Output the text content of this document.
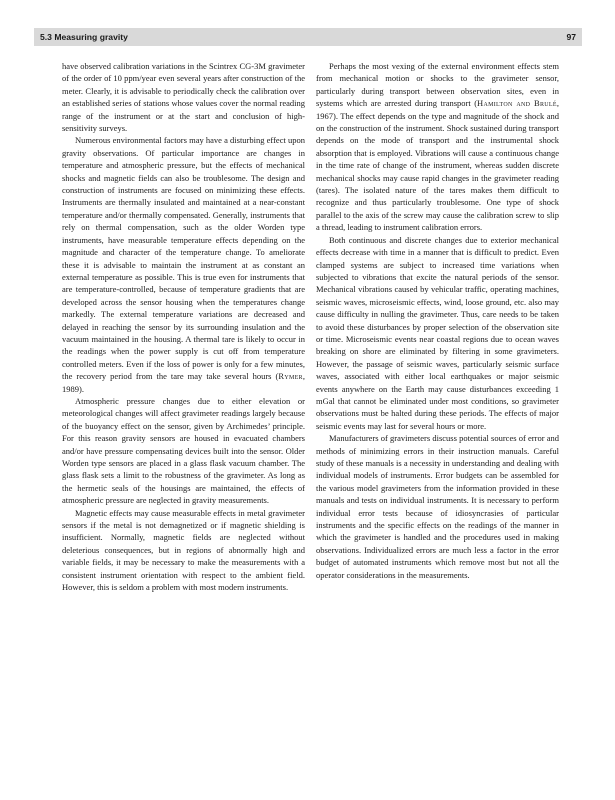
5.3 Measuring gravity	97

have observed calibration variations in the Scintrex CG-3M gravimeter of the order of 10 ppm/year even several years after construction of the meter. Clearly, it is advisable to periodically check the calibration over an established series of stations whose values cover the normal reading range of the instrument or at the start and conclusion of high-sensitivity surveys.

Numerous environmental factors may have a disturbing effect upon gravity observations. Of particular importance are changes in temperature and atmospheric pressure, but the effects of mechanical shocks and magnetic fields can also be troublesome. The design and construction of instruments are focused on minimizing these effects. Instruments are thermally insulated and maintained at a near-constant temperature and/or thermally compensated. Generally, instruments that rely on thermal compensation, such as the older Worden type instruments, have measurable temperature effects depending on the magnitude and character of the temperature change. To ameliorate these it is advisable to maintain the instrument at as constant an external temperature as possible. This is true even for instruments that are temperature-controlled, because of temperature gradients that are developed across the sensor housing when the temperatures change markedly. The external temperature variations are decreased and delayed in reaching the sensor by its surrounding insulation and the vacuum maintained in the housing. A thermal tare is likely to occur in the readings when the power supply is cut off from temperature controlled meters. Even if the loss of power is only for a few minutes, the recovery period from the tare may take several hours (Rymer, 1989).

Atmospheric pressure changes due to either elevation or meteorological changes will affect gravimeter readings largely because of the buoyancy effect on the sensor, given by Archimedes’ principle. For this reason gravity sensors are housed in evacuated chambers and/or have pressure compensating devices built into the sensor. Older Worden type sensors are placed in a glass flask vacuum chamber. The glass flask sets a limit to the robustness of the gravimeter. As long as the hermetic seals of the housings are maintained, the effects of atmospheric pressure are neglected in gravity measurements.

Magnetic effects may cause measurable effects in metal gravimeter sensors if the metal is not demagnetized or if magnetic shielding is insufficient. Normally, magnetic fields are neglected without deleterious consequences, but in regions of abnormally high and variable fields, it may be necessary to make the measurements with a consistent instrument orientation with respect to the ambient field. However, this is seldom a problem with most modern instruments.

Perhaps the most vexing of the external environment effects stem from mechanical motion or shocks to the gravimeter sensor, particularly during transport between observation sites, even in systems which are arrested during transport (Hamilton and Brulé, 1967). The effect depends on the type and magnitude of the shock and on the construction of the instrument. Shock sustained during transport depends on the mode of transport and the instrumental shock absorption that is employed. Vibrations will cause a continuous change in the time rate of change of the instrument, whereas sudden discrete mechanical shocks may cause rapid changes in the gravimeter reading (tares). The isolated nature of the tares makes them difficult to recognize and thus particularly troublesome. One type of shock parallel to the axis of the screw may cause the calibration screw to slip a thread, leading to instrument calibration errors.

Both continuous and discrete changes due to exterior mechanical effects decrease with time in a manner that is difficult to predict. Even clamped systems are subject to increased time variations when subjected to vibrations that excite the natural periods of the sensor. Mechanical vibrations caused by vehicular traffic, operating machines, seismic waves, microseismic effects, wind, loose ground, etc. also may cause difficulty in nulling the gravimeter. Thus, care needs to be taken to avoid these disturbances by proper selection of the observation site or time. Microseismic events near coastal regions due to ocean waves breaking on shore are eliminated by filtering in some gravimeters. However, the passage of seismic waves, particularly seismic surface waves, associated with either local earthquakes or major seismic events anywhere on the Earth may cause disturbances exceeding 1 mGal that cannot be eliminated under most conditions, so gravimeter observations must be halted during these periods. The effects of major seismic events may last for several hours or more.

Manufacturers of gravimeters discuss potential sources of error and methods of minimizing errors in their instruction manuals. Careful study of these manuals is a necessity in understanding and dealing with individual models of instruments. Error budgets can be assembled for the various model gravimeters from the information provided in these manuals and tests on individual instruments. It is necessary to perform individual error tests because of idiosyncrasies of particular instruments and the specific effects on the readings of the manner in which the gravimeter is handled and the procedures used in making observations. Individualized errors are much less a factor in the error budget of automated instruments which remove most but not all the operator considerations in the measurements.
